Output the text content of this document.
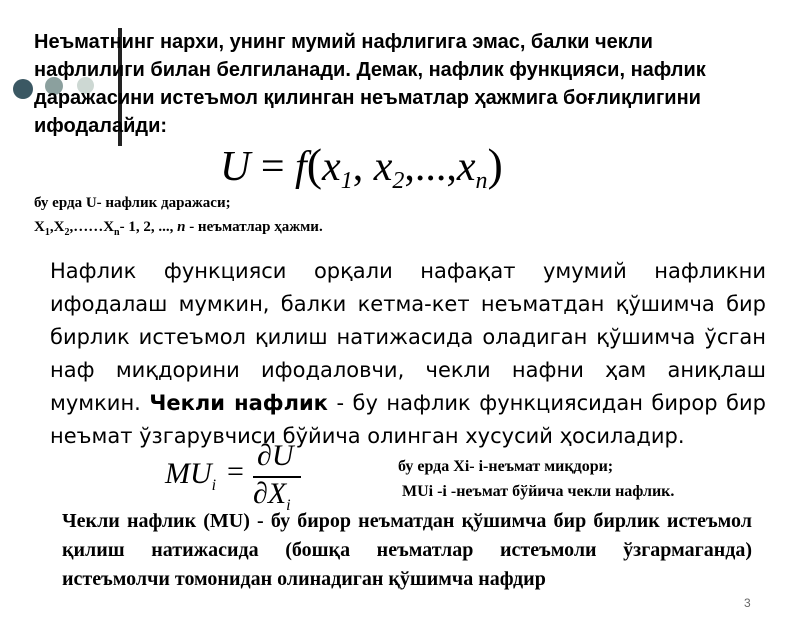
Неъматнинг нархи, унинг мумий нафлигига эмас, балки чекли нафлилиги билан белгиланади. Демак, нафлик функцияси, нафлик даражасини истеъмол қилинган неъматлар ҳажмига боғлиқлигини ифодалайди:
$U = f(x_1$, $x_2,...,x_n$)
бу ерда U- нафлик даражаси;
$X_1,X_2,\dots\dots X_n-$ 1, 2, ..., n - неъматлар ҳажми.
Нафлик функцияси орқали нафақат умумий нафликни ифодалаш мумкин, балки кетма-кет неъматдан қўшимча бир бирлик истеъмол қилиш натижасида оладиган қўшимча ўсган наф миқдорини ифодаловчи, чекли нафни ҳам аниқлаш мумкин. Чекли нафлик - бу нафлик функциясидан бирор бир неъмат ўзгарувчиси бўйича олинган хусусий ҳосиладир.
$MU_i = \partial U$
$\partial X_i$
бу ерда Xi- i-неъмат миқдори;
MUi -i -неъмат бўйича чекли нафлик.
Чекли нафлик (MU) - бу бирор неъматдан қўшимча бир бирлик истеъмол қилиш натижасида (бошқа неъматлар истеъмоли ўзгармаганда) истеъмолчи томонидан олинадиган қўшимча нафдир
3
